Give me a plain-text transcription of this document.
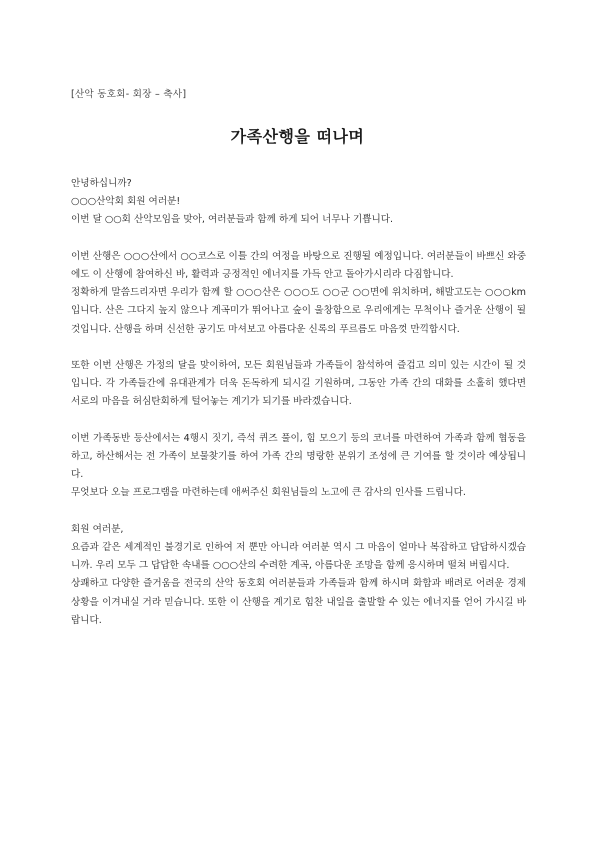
[산악 동호회- 회장 – 축사]
가족산행을 떠나며

안녕하십니까?

○○○산악회 회원 여러분!

이번 달 ○○회 산악모임을 맞아, 여러분들과 함께 하게 되어 너무나 기쁩니다.

이번 산행은 ○○○산에서 ○○코스로 이틀 간의 여정을 바탕으로 진행될 예정입니다. 여러분들이 바쁘신 와중에도 이 산행에 참여하신 바, 활력과 긍정적인 에너지를 가득 안고 돌아가시리라 다짐합니다.

정확하게 말씀드리자면 우리가 함께 할 ○○○산은 ○○○도 ○○군 ○○면에 위치하며, 해발고도는 ○○○km입니다. 산은 그다지 높지 않으나 계곡미가 뛰어나고 숲이 울창함으로 우리에게는 무척이나 즐거운 산행이 될 것입니다. 산행을 하며 신선한 공기도 마셔보고 아름다운 신록의 푸르름도 마음껏 만끽합시다.

또한 이번 산행은 가정의 달을 맞이하여, 모든 회원님들과 가족들이 참석하여 즐겁고 의미 있는 시간이 될 것입니다. 각 가족들간에 유대관계가 더욱 돈독하게 되시길 기원하며, 그동안 가족 간의 대화를 소홀히 했다면 서로의 마음을 허심탄회하게 털어놓는 계기가 되기를 바라겠습니다.

이번 가족동반 등산에서는 4행시 짓기, 즉석 퀴즈 풀이, 힘 모으기 등의 코너를 마련하여 가족과 함께 협동을 하고, 하산해서는 전 가족이 보물찾기를 하여 가족 간의 명랑한 분위기 조성에 큰 기여를 할 것이라 예상됩니다.

무엇보다 오늘 프로그램을 마련하는데 애써주신 회원님들의 노고에 큰 감사의 인사를 드립니다.

회원 여러분,

요즘과 같은 세계적인 불경기로 인하여 저 뿐만 아니라 여러분 역시 그 마음이 얼마나 복잡하고 답답하시겠습니까. 우리 모두 그 답답한 속내를 ○○○산의 수려한 계곡, 아름다운 조망을 함께 응시하며 떨쳐 버립시다.

상쾌하고 다양한 즐거움을 전국의 산악 동호회 여러분들과 가족들과 함께 하시며 화합과 배려로 어려운 경제상황을 이겨내실 거라 믿습니다. 또한 이 산행을 계기로 힘찬 내일을 출발할 수 있는 에너지를 얻어 가시길 바랍니다.
